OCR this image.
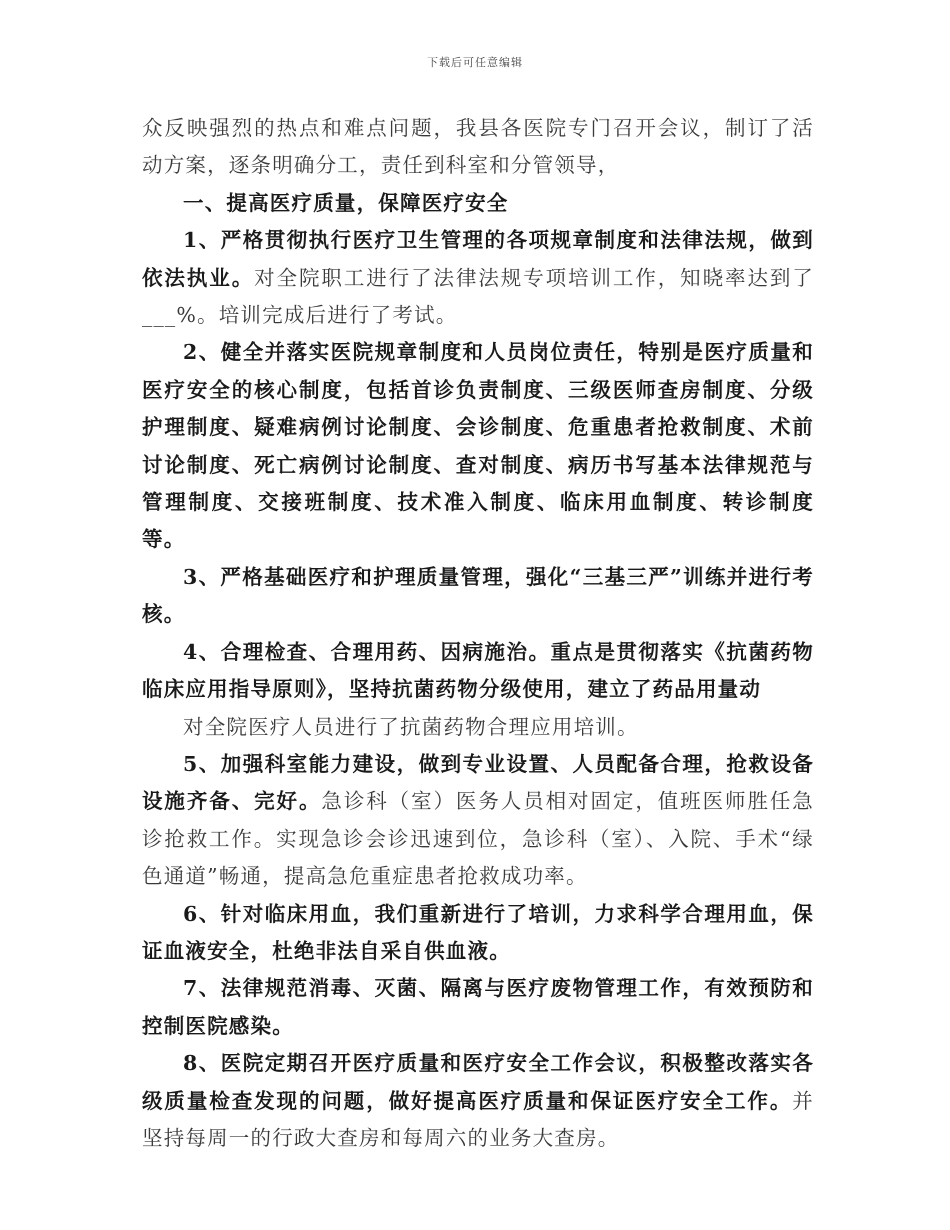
下载后可任意编辑

众反映强烈的热点和难点问题，我县各医院专门召开会议，制订了活动方案，逐条明确分工，责任到科室和分管领导，

一、提高医疗质量，保障医疗安全

1、严格贯彻执行医疗卫生管理的各项规章制度和法律法规，做到依法执业。对全院职工进行了法律法规专项培训工作，知晓率达到了___%。培训完成后进行了考试。

2、健全并落实医院规章制度和人员岗位责任，特别是医疗质量和医疗安全的核心制度，包括首诊负责制度、三级医师查房制度、分级护理制度、疑难病例讨论制度、会诊制度、危重患者抢救制度、术前讨论制度、死亡病例讨论制度、查对制度、病历书写基本法律规范与管理制度、交接班制度、技术准入制度、临床用血制度、转诊制度等。

3、严格基础医疗和护理质量管理，强化“三基三严”训练并进行考核。

4、合理检查、合理用药、因病施治。重点是贯彻落实《抗菌药物临床应用指导原则》，坚持抗菌药物分级使用，建立了药品用量动

对全院医疗人员进行了抗菌药物合理应用培训。

5、加强科室能力建设，做到专业设置、人员配备合理，抢救设备设施齐备、完好。急诊科（室）医务人员相对固定，值班医师胜任急诊抢救工作。实现急诊会诊迅速到位，急诊科（室）、入院、手术“绿色通道”畅通，提高急危重症患者抢救成功率。

6、针对临床用血，我们重新进行了培训，力求科学合理用血，保证血液安全，杜绝非法自采自供血液。

7、法律规范消毒、灭菌、隔离与医疗废物管理工作，有效预防和控制医院感染。

8、医院定期召开医疗质量和医疗安全工作会议，积极整改落实各级质量检查发现的问题，做好提高医疗质量和保证医疗安全工作。并坚持每周一的行政大查房和每周六的业务大查房。
